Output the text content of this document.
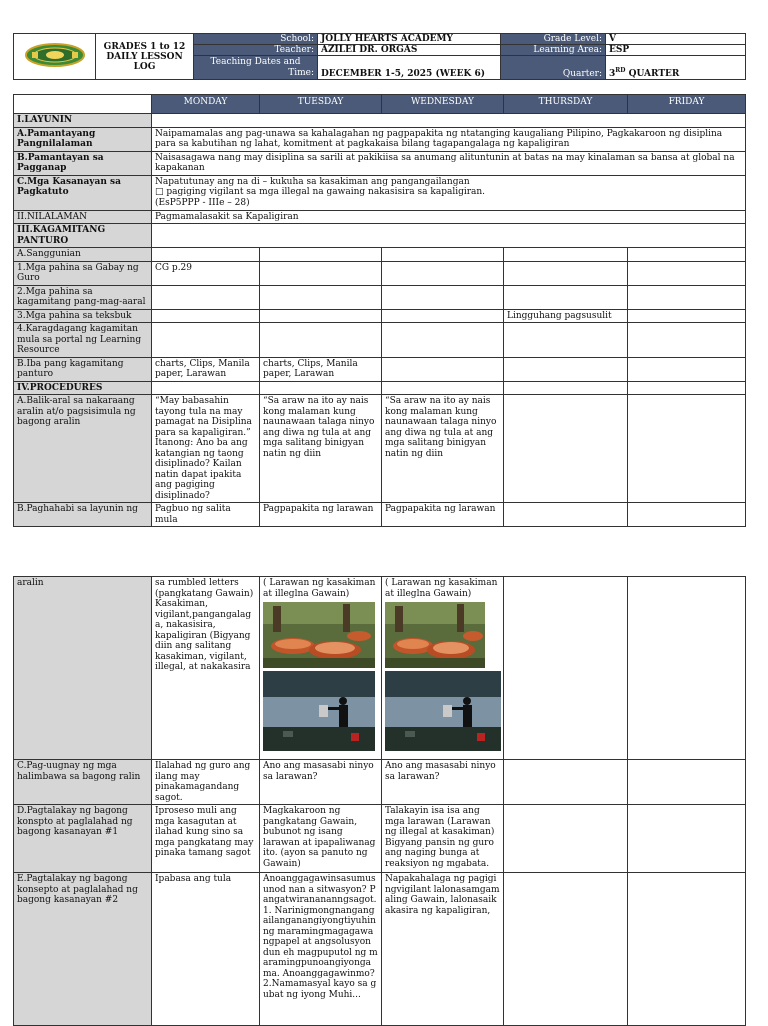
GRADES 1 to 12
DAILY LESSON LOG	School:	JOLLY HEARTS ACADEMY	Grade Level:	V
		Teacher:	AZILEI DR. ORGAS	Learning Area:	ESP

		Teaching Dates and
Time:	DECEMBER 1-5, 2025 (WEEK 6)	Quarter:	3RD QUARTER
	MONDAY	TUESDAY	WEDNESDAY	THURSDAY	FRIDAY
I.LAYUNIN					
A.Pamantayang Pangnilalaman	Naipamamalas ang pag-unawa sa kahalagahan ng pagpapakita ng ntatanging kaugaliang Pilipino, Pagkakaroon ng disiplina para sa kabutihan ng lahat, komitment at pagkakaisa bilang tagapangalaga ng kapaligiran				
B.Pamantayan sa Pagganap	Naisasagawa nang may disiplina sa sarili at pakikiisa sa anumang alituntunin at batas na may kinalaman sa bansa at global na kapakanan				
C.Mga Kasanayan sa Pagkatuto	Napatutunay ang na di – kukuha sa kasakiman ang pangangailangan
□ pagiging vigilant sa mga illegal na gawaing nakasisira sa kapaligiran.
(EsP5PPP - IIIe – 28)				

II.NILALAMAN	Pagmamalasakit sa Kapaligiran				
III.KAGAMITANG PANTURO					
A.Sanggunian					
1.Mga pahina sa Gabay ng Guro	CG p.29				
2.Mga pahina sa kagamitang pang-mag-aaral					
3.Mga pahina sa teksbuk				Lingguhang pagsusulit	
4.Karagdagang kagamitan mula sa portal ng Learning Resource					
B.Iba pang kagamitang panturo	charts, Clips, Manila paper, Larawan	charts, Clips, Manila paper, Larawan			
IV.PROCEDURES					
A.Balik-aral sa nakaraang aralin at/o pagsisimula ng bagong aralin	“May babasahin tayong tula na may pamagat na Disiplina para sa kapaligiran.” Itanong: Ano ba ang katangian ng taong disiplinado? Kailan natin dapat ipakita ang pagiging disiplinado?	“Sa araw na ito ay nais kong malaman kung naunawaan talaga ninyo ang diwa ng tula at ang mga salitang binigyan natin ng diin	“Sa araw na ito ay nais kong malaman kung naunawaan talaga ninyo ang diwa ng tula at ang mga salitang binigyan natin ng diin		
B.Paghahabi sa layunin ng	Pagbuo ng salita mula	Pagpapakita ng larawan	Pagpapakita ng larawan		
aralin	sa rumbled letters (pangkatang Gawain) Kasakiman, vigilant,pangangalaga, nakasisira, kapaligiran (Bigyang diin ang salitang kasakiman, vigilant, illegal, at nakakasira	( Larawan ng kasakiman at illeglna Gawain)	( Larawan ng kasakiman at illeglna Gawain)		

C.Pag-uugnay ng mga halimbawa sa bagong ralin	Ilalahad ng guro ang ilang may pinakamagandang sagot.	Ano ang masasabi ninyo sa larawan?	Ano ang masasabi ninyo sa larawan?		
D.Pagtalakay ng bagong konspto at paglalahad ng bagong kasanayan #1	Iproseso muli ang mga kasagutan at ilahad kung sino sa mga pangkatang may pinaka tamang sagot	Magkakaroon ng pangkatang Gawain, bubunot ng isang larawan at ipapaliwanag ito. (ayon sa panuto ng Gawain)	Talakayin isa isa ang mga larawan (Larawan ng illegal at kasakiman) Bigyang pansin ng guro ang naging bunga at reaksiyon ng mgabata.		
E.Pagtalakay ng bagong konsepto at paglalahad ng bagong kasanayan #2	Ipabasa ang tula	Anoanggagawinsasumusunod nan a sitwasyon? Pangatwiranananngsagot. 1. Narinigmongnangangailanganangiyongtiyuhin ng maramingmagagawangpapel at angsolusyon dun eh magpuputol ng maramingpunoangiyonga ma. Anoanggagawinmo? 2.Namamasyal kayo sa gubat ng iyong Muhi...	Napakahalaga ng pagigingvigilant lalonasamgamaling Gawain, lalonasaikakasira ng kapaligiran,		
